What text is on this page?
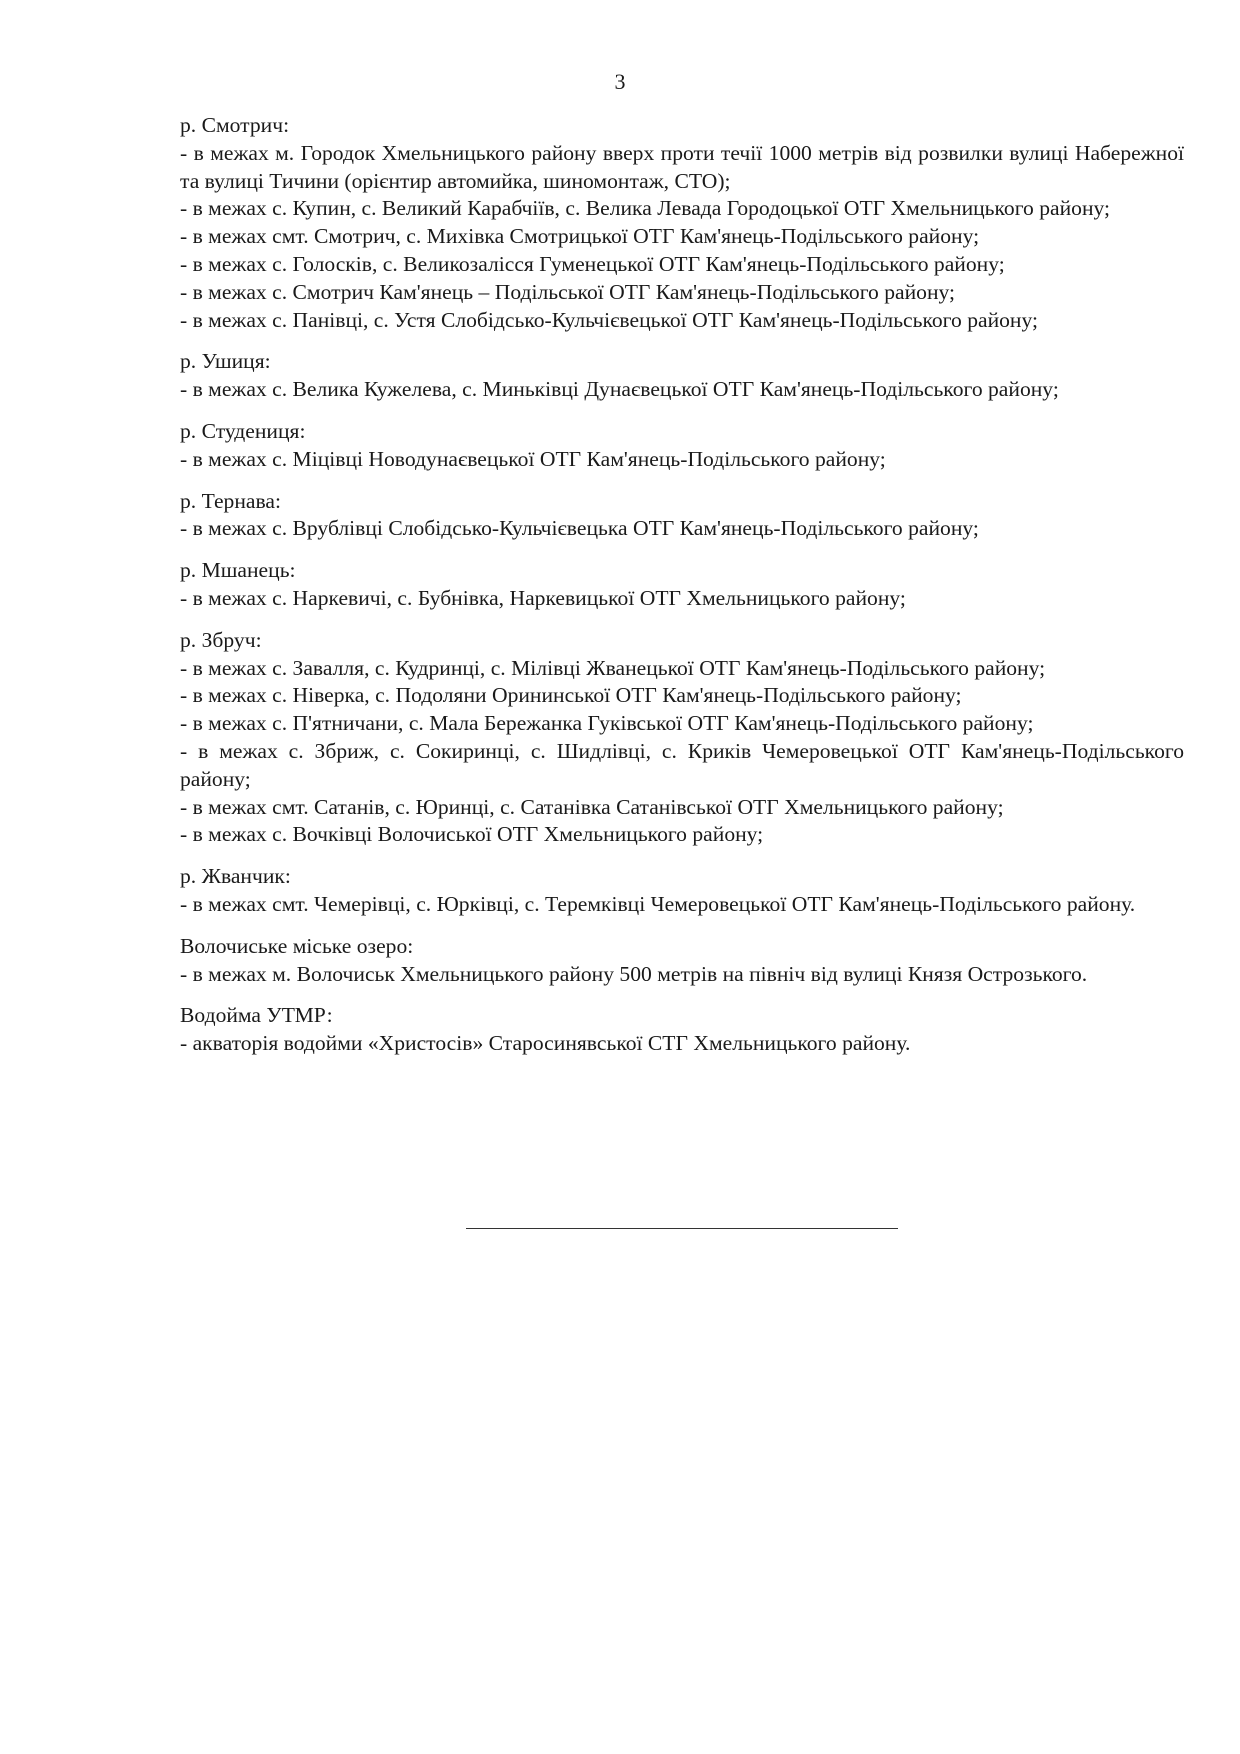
3
р. Смотрич:
- в межах м. Городок Хмельницького району вверх проти течії 1000 метрів від розвилки вулиці Набережної та вулиці Тичини (орієнтир автомийка, шиномонтаж, СТО);
- в межах с. Купин, с. Великий Карабчіїв, с. Велика Левада Городоцької ОТГ Хмельницького району;
- в межах смт. Смотрич, с. Михівка Смотрицької ОТГ Кам'янець-Подільського району;
- в межах с. Голосків, с. Великозалісся Гуменецької ОТГ Кам'янець-Подільського району;
- в межах с. Смотрич Кам'янець – Подільської ОТГ Кам'янець-Подільського району;
- в межах с. Панівці, с. Устя Слобідсько-Кульчієвецької ОТГ Кам'янець-Подільського району;
р. Ушиця:
- в межах с. Велика Кужелева, с. Миньківці Дунаєвецької ОТГ Кам'янець-Подільського району;
р. Студениця:
- в межах с. Міцівці Новодунаєвецької ОТГ Кам'янець-Подільського району;
р. Тернава:
- в межах с. Врублівці Слобідсько-Кульчієвецька ОТГ Кам'янець-Подільського району;
р. Мшанець:
- в межах с. Наркевичі, с. Бубнівка, Наркевицької ОТГ Хмельницького району;
р. Збруч:
- в межах с. Завалля, с. Кудринці, с. Мілівці Жванецької ОТГ Кам'янець-Подільського району;
- в межах с. Ніверка, с. Подоляни Орининської ОТГ Кам'янець-Подільського району;
- в межах с. П'ятничани, с. Мала Бережанка Гуківської ОТГ Кам'янець-Подільського району;
- в межах с. Збриж, с. Сокиринці, с. Шидлівці, с. Криків Чемеровецької ОТГ Кам'янець-Подільського району;
- в межах смт. Сатанів, с. Юринці, с. Сатанівка Сатанівської ОТГ Хмельницького району;
- в межах с. Вочківці Волочиської ОТГ Хмельницького району;
р. Жванчик:
- в межах смт. Чемерівці, с. Юрківці, с. Теремківці Чемеровецької ОТГ Кам'янець-Подільського району.
Волочиське міське озеро:
- в межах м. Волочиськ Хмельницького району 500 метрів на північ від вулиці Князя Острозького.
Водойма УТМР:
- акваторія водойми «Христосів» Старосинявської СТГ Хмельницького району.
